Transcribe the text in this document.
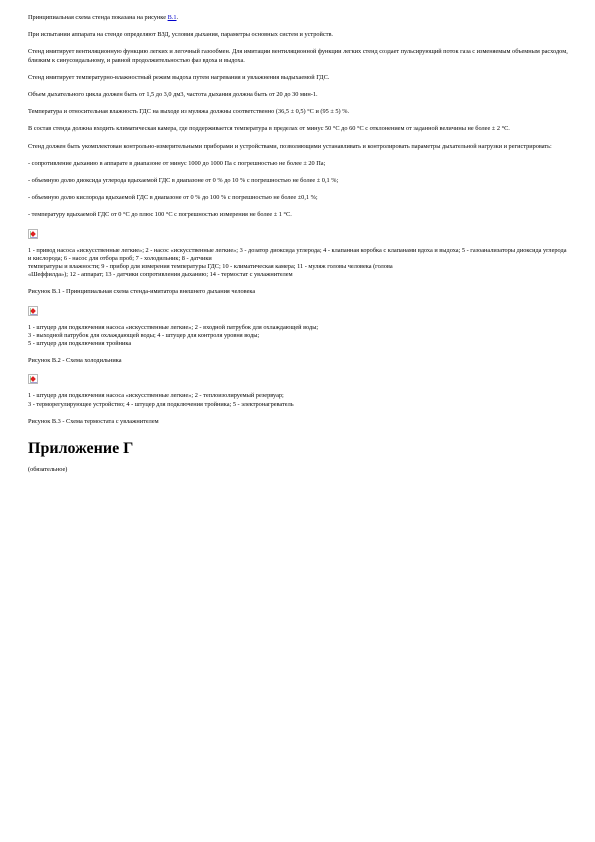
Принципиальная схема стенда показана на рисунке В.1.

При испытании аппарата на стенде определяют ВЗД, условия дыхания, параметры основных систем и устройств.

Стенд имитирует вентиляционную функцию легких и легочный газообмен. Для имитации вентиляционной функции легких стенд создает пульсирующий поток газа с изменяемым объемным расходом, близким к синусоидальному, и равной продолжительностью фаз вдоха и выдоха.

Стенд имитирует температурно-влажностный режим выдоха путем нагревания и увлажнения выдыхаемой ГДС.

Объем дыхательного цикла должен быть от 1,5 до 3,0 дм3, частота дыхания должна быть от 20 до 30 мин-1.

Температура и относительная влажность ГДС на выходе из муляжа должны соответственно (36,5 ± 0,5) °С и (95 ± 5) %.

В состав стенда должна входить климатическая камера, где поддерживается температура в пределах от минус 50 °С до 60 °С с отклонением от заданной величины не более ± 2 °С.

Стенд должен быть укомплектован контрольно-измерительными приборами и устройствами, позволяющими устанавливать и контролировать параметры дыхательной нагрузки и регистрировать:

- сопротивление дыханию в аппарате в диапазоне от минус 1000 до 1000 Па с погрешностью не более ± 20 Па;

- объемную долю диоксида углерода вдыхаемой ГДС в диапазоне от 0 % до 10 % с погрешностью не более ± 0,1 %;

- объемную долю кислорода вдыхаемой ГДС в диапазоне от 0 % до 100 % с погрешностью не более ±0,1 %;

- температуру вдыхаемой ГДС от 0 °С до плюс 100 °С с погрешностью измерения не более ± 1 °С.

1 - привод насоса «искусственные легкие»; 2 - насос «искусственные легкие»; 3 - дозатор диоксида углерода; 4 - клапанная коробка с клапанами вдоха и выдоха; 5 - газоанализаторы диоксида углерода и кислорода; 6 - насос для отбора проб; 7 - холодильник; 8 - датчики

температуры и влажности; 9 - прибор для измерения температуры ГДС; 10 - климатическая камера; 11 - муляж головы человека (голова

«Шеффилда»); 12 - аппарат; 13 - датчики сопротивления дыханию; 14 - термостат с увлажнителем

Рисунок В.1 - Принципиальная схема стенда-имитатора внешнего дыхания человека

1 - штуцер для подключения насоса «искусственные легкие»; 2 - входной патрубок для охлаждающей воды;

3 - выходной патрубок для охлаждающей воды; 4 - штуцер для контроля уровня воды;

5 - штуцер для подключения тройника

Рисунок В.2 - Схема холодильника

1 - штуцер для подключения насоса «искусственные легкие»; 2 - теплоизолируемый резервуар;

3 - терморегулирующее устройство; 4 - штуцер для подключения тройника; 5 - электронагреватель

Рисунок В.3 - Схема термостата с увлажнителем

Приложение Г

(обязательное)
